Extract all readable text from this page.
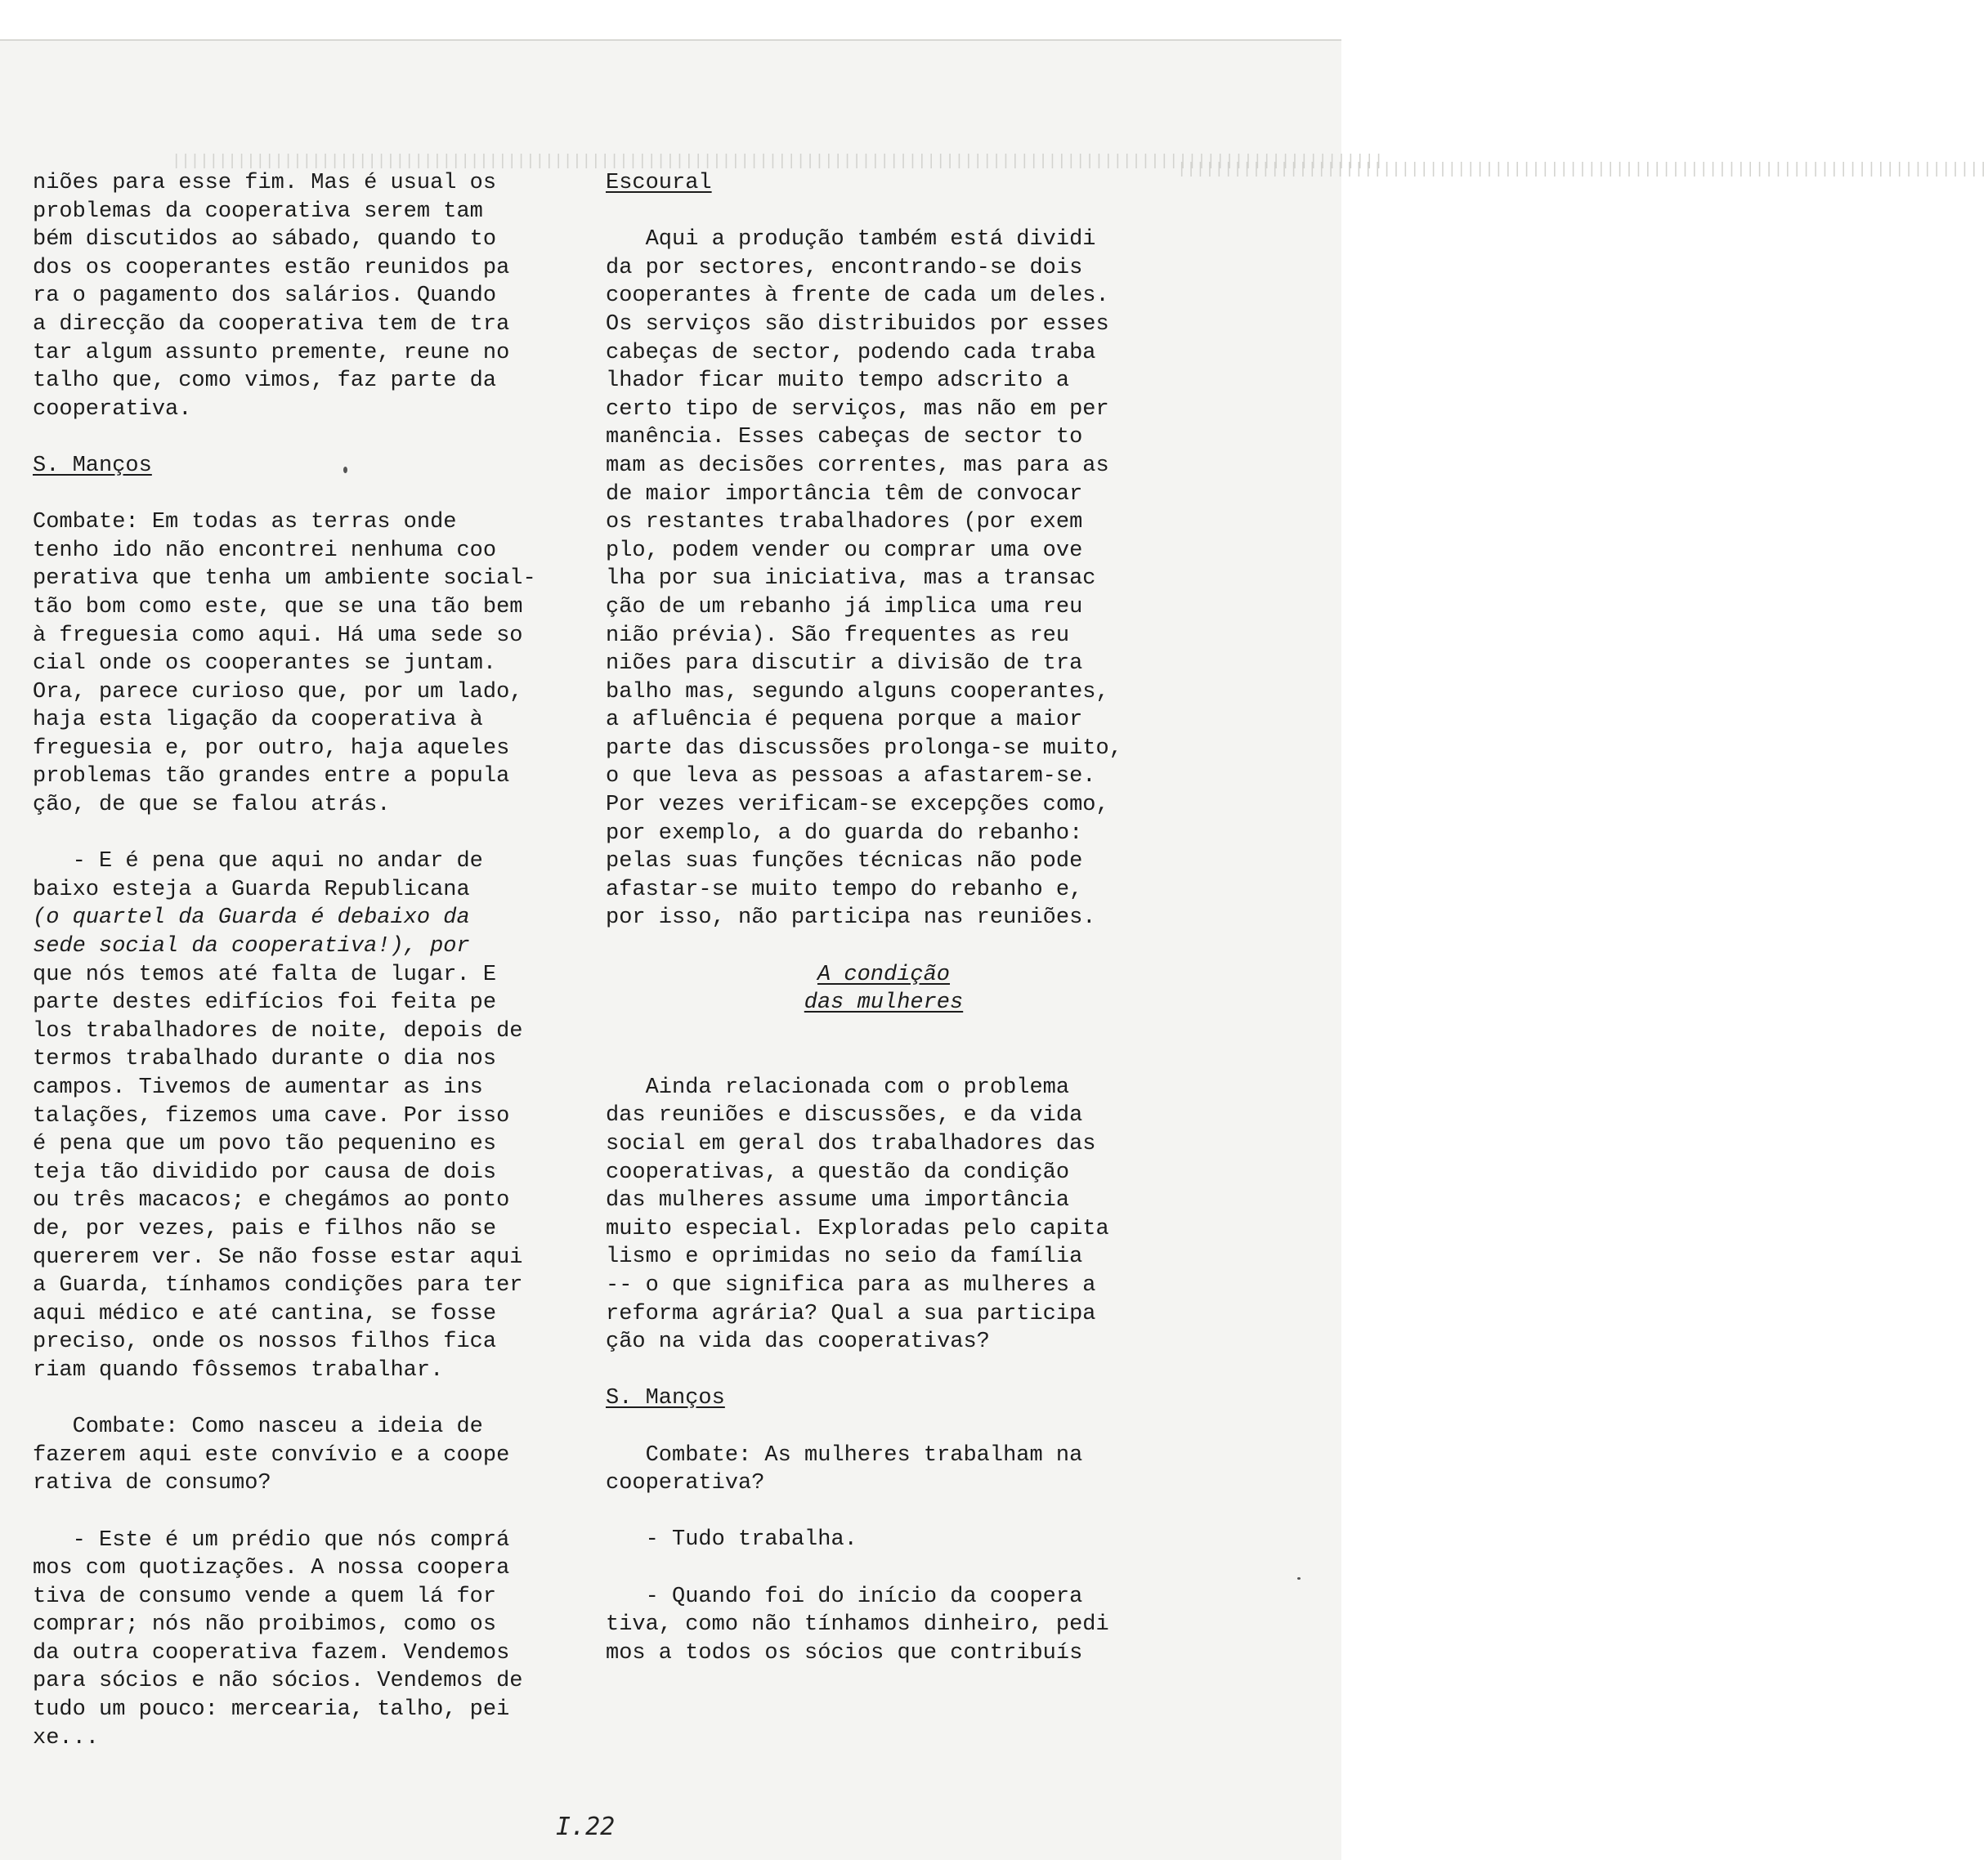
||||||||||||||||||||||||||||||||||||||||||||||||||||||||||||||||||||||||||||||||||||||||||||||||||||||||||||||||||||||||||||||||||
|||||||||||||||||||||||||||||||||||||||||||||||||||||||||||||||||||||||||||||||||||||||

niões para esse fim. Mas é usual os

problemas da cooperativa serem tam

bém discutidos ao sábado, quando to

dos os cooperantes estão reunidos pa

ra o pagamento dos salários. Quando

a direcção da cooperativa tem de tra

tar algum assunto premente, reune no

talho que, como vimos, faz parte da

cooperativa.

S. Manços

Combate: Em todas as terras onde

tenho ido não encontrei nenhuma coo

perativa que tenha um ambiente social-

tão bom como este, que se una tão bem

à freguesia como aqui. Há uma sede so

cial onde os cooperantes se juntam.

Ora, parece curioso que, por um lado,

haja esta ligação da cooperativa à

freguesia e, por outro, haja aqueles

problemas tão grandes entre a popula

ção, de que se falou atrás.

- E é pena que aqui no andar de

baixo esteja a Guarda Republicana

(o quartel da Guarda é debaixo da

sede social da cooperativa!), por

que nós temos até falta de lugar. E

parte destes edifícios foi feita pe

los trabalhadores de noite, depois de

termos trabalhado durante o dia nos

campos. Tivemos de aumentar as ins

talações, fizemos uma cave. Por isso

é pena que um povo tão pequenino es

teja tão dividido por causa de dois

ou três macacos; e chegámos ao ponto

de, por vezes, pais e filhos não se

quererem ver. Se não fosse estar aqui

a Guarda, tínhamos condições para ter

aqui médico e até cantina, se fosse

preciso, onde os nossos filhos fica

riam quando fôssemos trabalhar.

Combate: Como nasceu a ideia de

fazerem aqui este convívio e a coope

rativa de consumo?

- Este é um prédio que nós comprá

mos com quotizações. A nossa coopera

tiva de consumo vende a quem lá for

comprar; nós não proibimos, como os

da outra cooperativa fazem. Vendemos

para sócios e não sócios. Vendemos de

tudo um pouco: mercearia, talho, pei

xe...

Escoural

Aqui a produção também está dividi

da por sectores, encontrando-se dois

cooperantes à frente de cada um deles.

Os serviços são distribuidos por esses

cabeças de sector, podendo cada traba

lhador ficar muito tempo adscrito a

certo tipo de serviços, mas não em per

manência. Esses cabeças de sector to

mam as decisões correntes, mas para as

de maior importância têm de convocar

os restantes trabalhadores (por exem

plo, podem vender ou comprar uma ove

lha por sua iniciativa, mas a transac

ção de um rebanho já implica uma reu

nião prévia). São frequentes as reu

niões para discutir a divisão de tra

balho mas, segundo alguns cooperantes,

a afluência é pequena porque a maior

parte das discussões prolonga-se muito,

o que leva as pessoas a afastarem-se.

Por vezes verificam-se excepções como,

por exemplo, a do guarda do rebanho:

pelas suas funções técnicas não pode

afastar-se muito tempo do rebanho e,

por isso, não participa nas reuniões.

A condição

das mulheres

Ainda relacionada com o problema

das reuniões e discussões, e da vida

social em geral dos trabalhadores das

cooperativas, a questão da condição

das mulheres assume uma importância

muito especial. Exploradas pelo capita

lismo e oprimidas no seio da família

-- o que significa para as mulheres a

reforma agrária? Qual a sua participa

ção na vida das cooperativas?

S. Manços

Combate: As mulheres trabalham na

cooperativa?

- Tudo trabalha.

- Quando foi do início da coopera

tiva, como não tínhamos dinheiro, pedi

mos a todos os sócios que contribuís

I.22
